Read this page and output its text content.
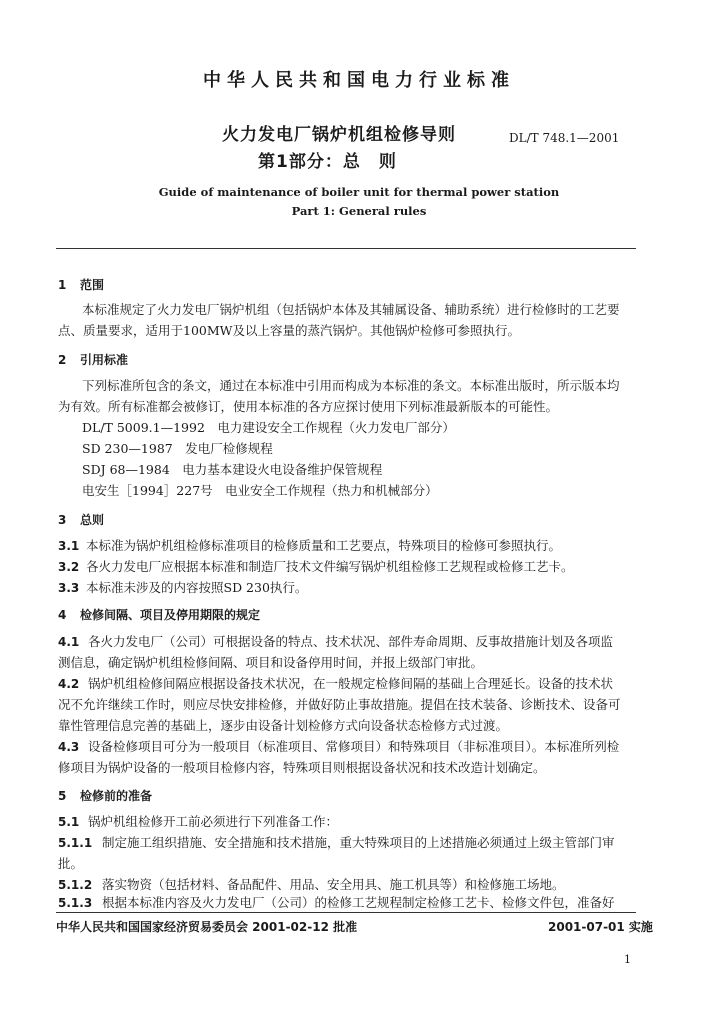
中华人民共和国电力行业标准
火力发电厂锅炉机组检修导则	DL/T 748.1—2001
第1部分：总　则
Guide of maintenance of boiler unit for thermal power station
Part 1: General rules
1 范围
本标准规定了火力发电厂锅炉机组（包括锅炉本体及其辅属设备、辅助系统）进行检修时的工艺要
点、质量要求，适用于100MW及以上容量的蒸汽锅炉。其他锅炉检修可参照执行。
2 引用标准
下列标准所包含的条文，通过在本标准中引用而构成为本标准的条文。本标准出版时，所示版本均
为有效。所有标准都会被修订，使用本标准的各方应探讨使用下列标准最新版本的可能性。
DL/T 5009.1—1992　电力建设安全工作规程（火力发电厂部分）
SD 230—1987　发电厂检修规程
SDJ 68—1984　电力基本建设火电设备维护保管规程
电安生［1994］227号　电业安全工作规程（热力和机械部分）
3 总则
3.1 本标准为锅炉机组检修标准项目的检修质量和工艺要点，特殊项目的检修可参照执行。
3.2 各火力发电厂应根据本标准和制造厂技术文件编写锅炉机组检修工艺规程或检修工艺卡。
3.3 本标准未涉及的内容按照SD 230执行。
4 检修间隔、项目及停用期限的规定
4.1 各火力发电厂（公司）可根据设备的特点、技术状况、部件寿命周期、反事故措施计划及各项监
测信息，确定锅炉机组检修间隔、项目和设备停用时间，并报上级部门审批。
4.2 锅炉机组检修间隔应根据设备技术状况，在一般规定检修间隔的基础上合理延长。设备的技术状
况不允许继续工作时，则应尽快安排检修，并做好防止事故措施。提倡在技术装备、诊断技术、设备可
靠性管理信息完善的基础上，逐步由设备计划检修方式向设备状态检修方式过渡。
4.3 设备检修项目可分为一般项目（标准项目、常修项目）和特殊项目（非标准项目）。本标准所列检
修项目为锅炉设备的一般项目检修内容，特殊项目则根据设备状况和技术改造计划确定。
5 检修前的准备
5.1 锅炉机组检修开工前必须进行下列准备工作：
5.1.1 制定施工组织措施、安全措施和技术措施，重大特殊项目的上述措施必须通过上级主管部门审
批。
5.1.2 落实物资（包括材料、备品配件、用品、安全用具、施工机具等）和检修施工场地。
5.1.3 根据本标准内容及火力发电厂（公司）的检修工艺规程制定检修工艺卡、检修文件包，准备好
中华人民共和国国家经济贸易委员会 2001-02-12 批准	2001-07-01 实施
1
